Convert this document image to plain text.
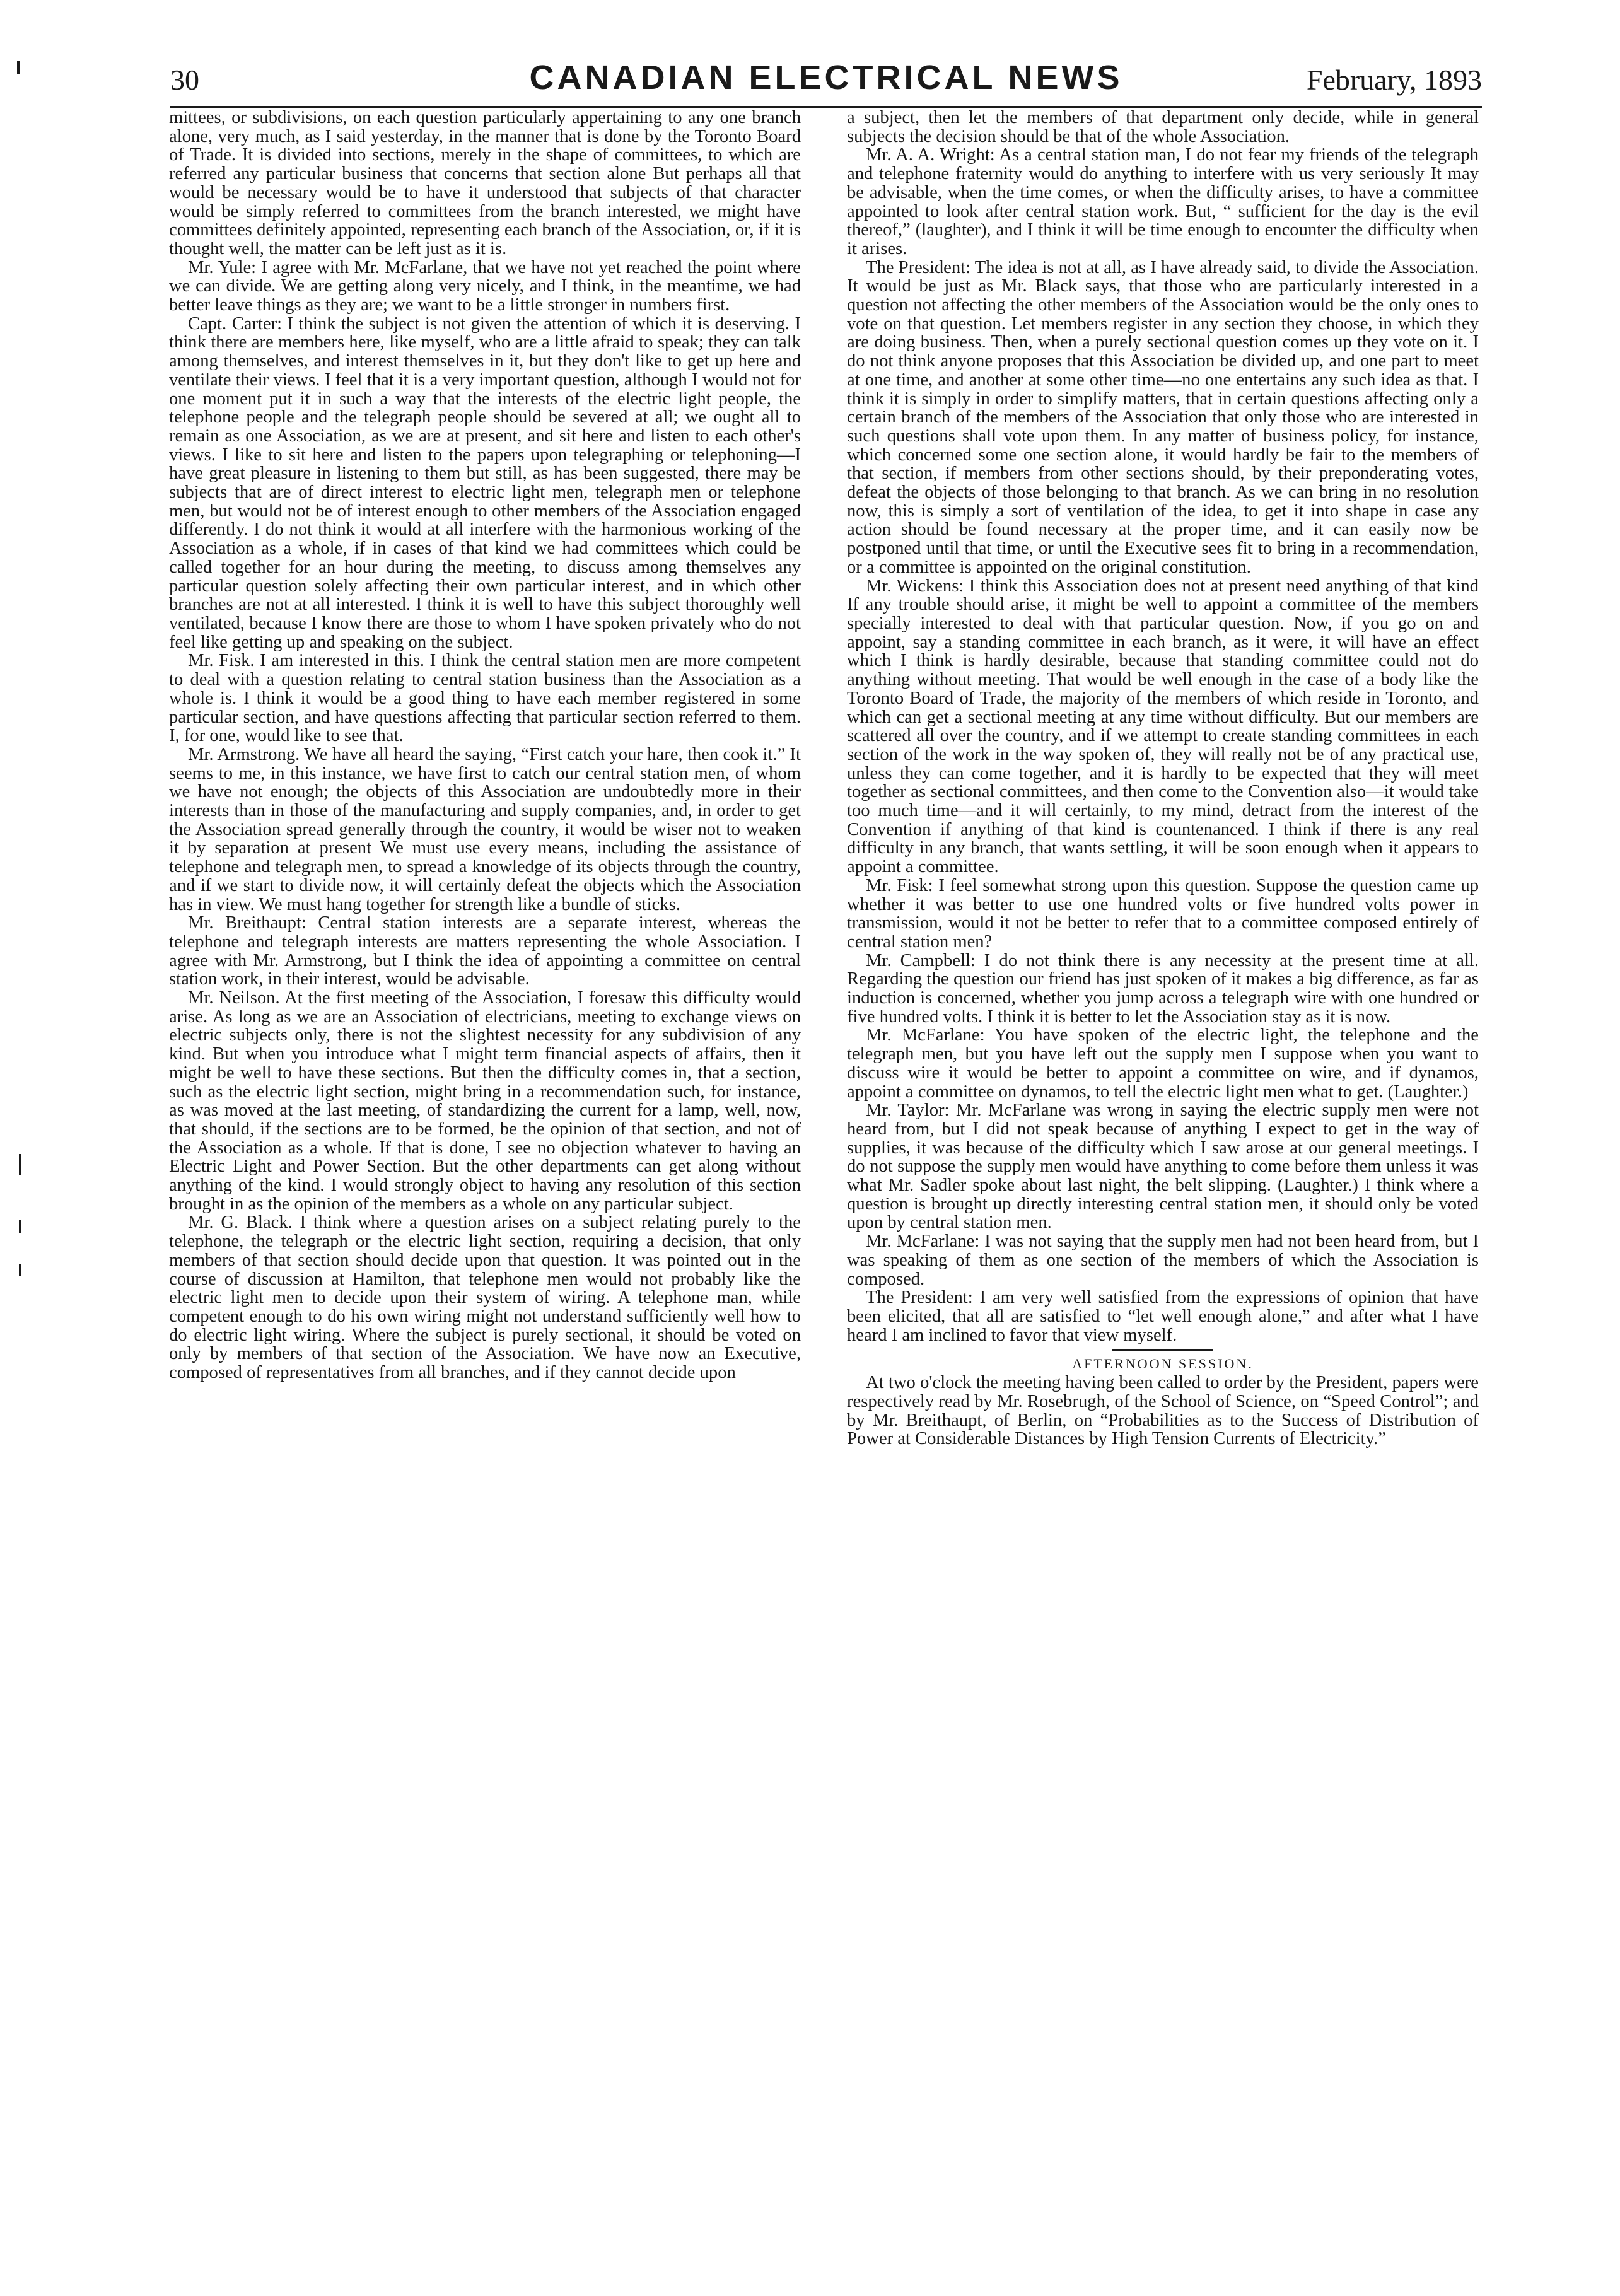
30	CANADIAN ELECTRICAL NEWS	February, 1893

mittees, or subdivisions, on each question particularly appertaining to any one branch alone, very much, as I said yesterday, in the manner that is done by the Toronto Board of Trade. It is divided into sections, merely in the shape of committees, to which are referred any particular business that concerns that section alone But perhaps all that would be necessary would be to have it understood that subjects of that character would be simply referred to committees from the branch interested, we might have committees definitely appointed, representing each branch of the Association, or, if it is thought well, the matter can be left just as it is.

Mr. Yule: I agree with Mr. McFarlane, that we have not yet reached the point where we can divide. We are getting along very nicely, and I think, in the meantime, we had better leave things as they are; we want to be a little stronger in numbers first.

Capt. Carter: I think the subject is not given the attention of which it is deserving. I think there are members here, like myself, who are a little afraid to speak; they can talk among themselves, and interest themselves in it, but they don't like to get up here and ventilate their views. I feel that it is a very important question, although I would not for one moment put it in such a way that the interests of the electric light people, the telephone people and the telegraph people should be severed at all; we ought all to remain as one Association, as we are at present, and sit here and listen to each other's views. I like to sit here and listen to the papers upon telegraphing or telephoning—I have great pleasure in listening to them but still, as has been suggested, there may be subjects that are of direct interest to electric light men, telegraph men or telephone men, but would not be of interest enough to other members of the Association engaged differently. I do not think it would at all interfere with the harmonious working of the Association as a whole, if in cases of that kind we had committees which could be called together for an hour during the meeting, to discuss among themselves any particular question solely affecting their own particular interest, and in which other branches are not at all interested. I think it is well to have this subject thoroughly well ventilated, because I know there are those to whom I have spoken privately who do not feel like getting up and speaking on the subject.

Mr. Fisk. I am interested in this. I think the central station men are more competent to deal with a question relating to central station business than the Association as a whole is. I think it would be a good thing to have each member registered in some particular section, and have questions affecting that particular section referred to them. I, for one, would like to see that.

Mr. Armstrong. We have all heard the saying, “First catch your hare, then cook it.” It seems to me, in this instance, we have first to catch our central station men, of whom we have not enough; the objects of this Association are undoubtedly more in their interests than in those of the manufacturing and supply companies, and, in order to get the Association spread generally through the country, it would be wiser not to weaken it by separation at present We must use every means, including the assistance of telephone and telegraph men, to spread a knowledge of its objects through the country, and if we start to divide now, it will certainly defeat the objects which the Association has in view. We must hang together for strength like a bundle of sticks.

Mr. Breithaupt: Central station interests are a separate interest, whereas the telephone and telegraph interests are matters representing the whole Association. I agree with Mr. Armstrong, but I think the idea of appointing a committee on central station work, in their interest, would be advisable.

Mr. Neilson. At the first meeting of the Association, I foresaw this difficulty would arise. As long as we are an Association of electricians, meeting to exchange views on electric subjects only, there is not the slightest necessity for any subdivision of any kind. But when you introduce what I might term financial aspects of affairs, then it might be well to have these sections. But then the difficulty comes in, that a section, such as the electric light section, might bring in a recommendation such, for instance, as was moved at the last meeting, of standardizing the current for a lamp, well, now, that should, if the sections are to be formed, be the opinion of that section, and not of the Association as a whole. If that is done, I see no objection whatever to having an Electric Light and Power Section. But the other departments can get along without anything of the kind. I would strongly object to having any resolution of this section brought in as the opinion of the members as a whole on any particular subject.

Mr. G. Black. I think where a question arises on a subject relating purely to the telephone, the telegraph or the electric light section, requiring a decision, that only members of that section should decide upon that question. It was pointed out in the course of discussion at Hamilton, that telephone men would not probably like the electric light men to decide upon their system of wiring. A telephone man, while competent enough to do his own wiring might not understand sufficiently well how to do electric light wiring. Where the subject is purely sectional, it should be voted on only by members of that section of the Association. We have now an Executive, composed of representatives from all branches, and if they cannot decide upon

a subject, then let the members of that department only decide, while in general subjects the decision should be that of the whole Association.

Mr. A. A. Wright: As a central station man, I do not fear my friends of the telegraph and telephone fraternity would do anything to interfere with us very seriously It may be advisable, when the time comes, or when the difficulty arises, to have a committee appointed to look after central station work. But, “ sufficient for the day is the evil thereof,” (laughter), and I think it will be time enough to encounter the difficulty when it arises.

The President: The idea is not at all, as I have already said, to divide the Association. It would be just as Mr. Black says, that those who are particularly interested in a question not affecting the other members of the Association would be the only ones to vote on that question. Let members register in any section they choose, in which they are doing business. Then, when a purely sectional question comes up they vote on it. I do not think anyone proposes that this Association be divided up, and one part to meet at one time, and another at some other time—no one entertains any such idea as that. I think it is simply in order to simplify matters, that in certain questions affecting only a certain branch of the members of the Association that only those who are interested in such questions shall vote upon them. In any matter of business policy, for instance, which concerned some one section alone, it would hardly be fair to the members of that section, if members from other sections should, by their preponderating votes, defeat the objects of those belonging to that branch. As we can bring in no resolution now, this is simply a sort of ventilation of the idea, to get it into shape in case any action should be found necessary at the proper time, and it can easily now be postponed until that time, or until the Executive sees fit to bring in a recommendation, or a committee is appointed on the original constitution.

Mr. Wickens: I think this Association does not at present need anything of that kind If any trouble should arise, it might be well to appoint a committee of the members specially interested to deal with that particular question. Now, if you go on and appoint, say a standing committee in each branch, as it were, it will have an effect which I think is hardly desirable, because that standing committee could not do anything without meeting. That would be well enough in the case of a body like the Toronto Board of Trade, the majority of the members of which reside in Toronto, and which can get a sectional meeting at any time without difficulty. But our members are scattered all over the country, and if we attempt to create standing committees in each section of the work in the way spoken of, they will really not be of any practical use, unless they can come together, and it is hardly to be expected that they will meet together as sectional committees, and then come to the Convention also—it would take too much time—and it will certainly, to my mind, detract from the interest of the Convention if anything of that kind is countenanced. I think if there is any real difficulty in any branch, that wants settling, it will be soon enough when it appears to appoint a committee.

Mr. Fisk: I feel somewhat strong upon this question. Suppose the question came up whether it was better to use one hundred volts or five hundred volts power in transmission, would it not be better to refer that to a committee composed entirely of central station men?

Mr. Campbell: I do not think there is any necessity at the present time at all. Regarding the question our friend has just spoken of it makes a big difference, as far as induction is concerned, whether you jump across a telegraph wire with one hundred or five hundred volts. I think it is better to let the Association stay as it is now.

Mr. McFarlane: You have spoken of the electric light, the telephone and the telegraph men, but you have left out the supply men I suppose when you want to discuss wire it would be better to appoint a committee on wire, and if dynamos, appoint a committee on dynamos, to tell the electric light men what to get. (Laughter.)

Mr. Taylor: Mr. McFarlane was wrong in saying the electric supply men were not heard from, but I did not speak because of anything I expect to get in the way of supplies, it was because of the difficulty which I saw arose at our general meetings. I do not suppose the supply men would have anything to come before them unless it was what Mr. Sadler spoke about last night, the belt slipping. (Laughter.) I think where a question is brought up directly interesting central station men, it should only be voted upon by central station men.

Mr. McFarlane: I was not saying that the supply men had not been heard from, but I was speaking of them as one section of the members of which the Association is composed.

The President: I am very well satisfied from the expressions of opinion that have been elicited, that all are satisfied to “let well enough alone,” and after what I have heard I am inclined to favor that view myself.

AFTERNOON SESSION.

At two o'clock the meeting having been called to order by the President, papers were respectively read by Mr. Rosebrugh, of the School of Science, on “Speed Control”; and by Mr. Breithaupt, of Berlin, on “Probabilities as to the Success of Distribution of Power at Considerable Distances by High Tension Currents of Electricity.”
